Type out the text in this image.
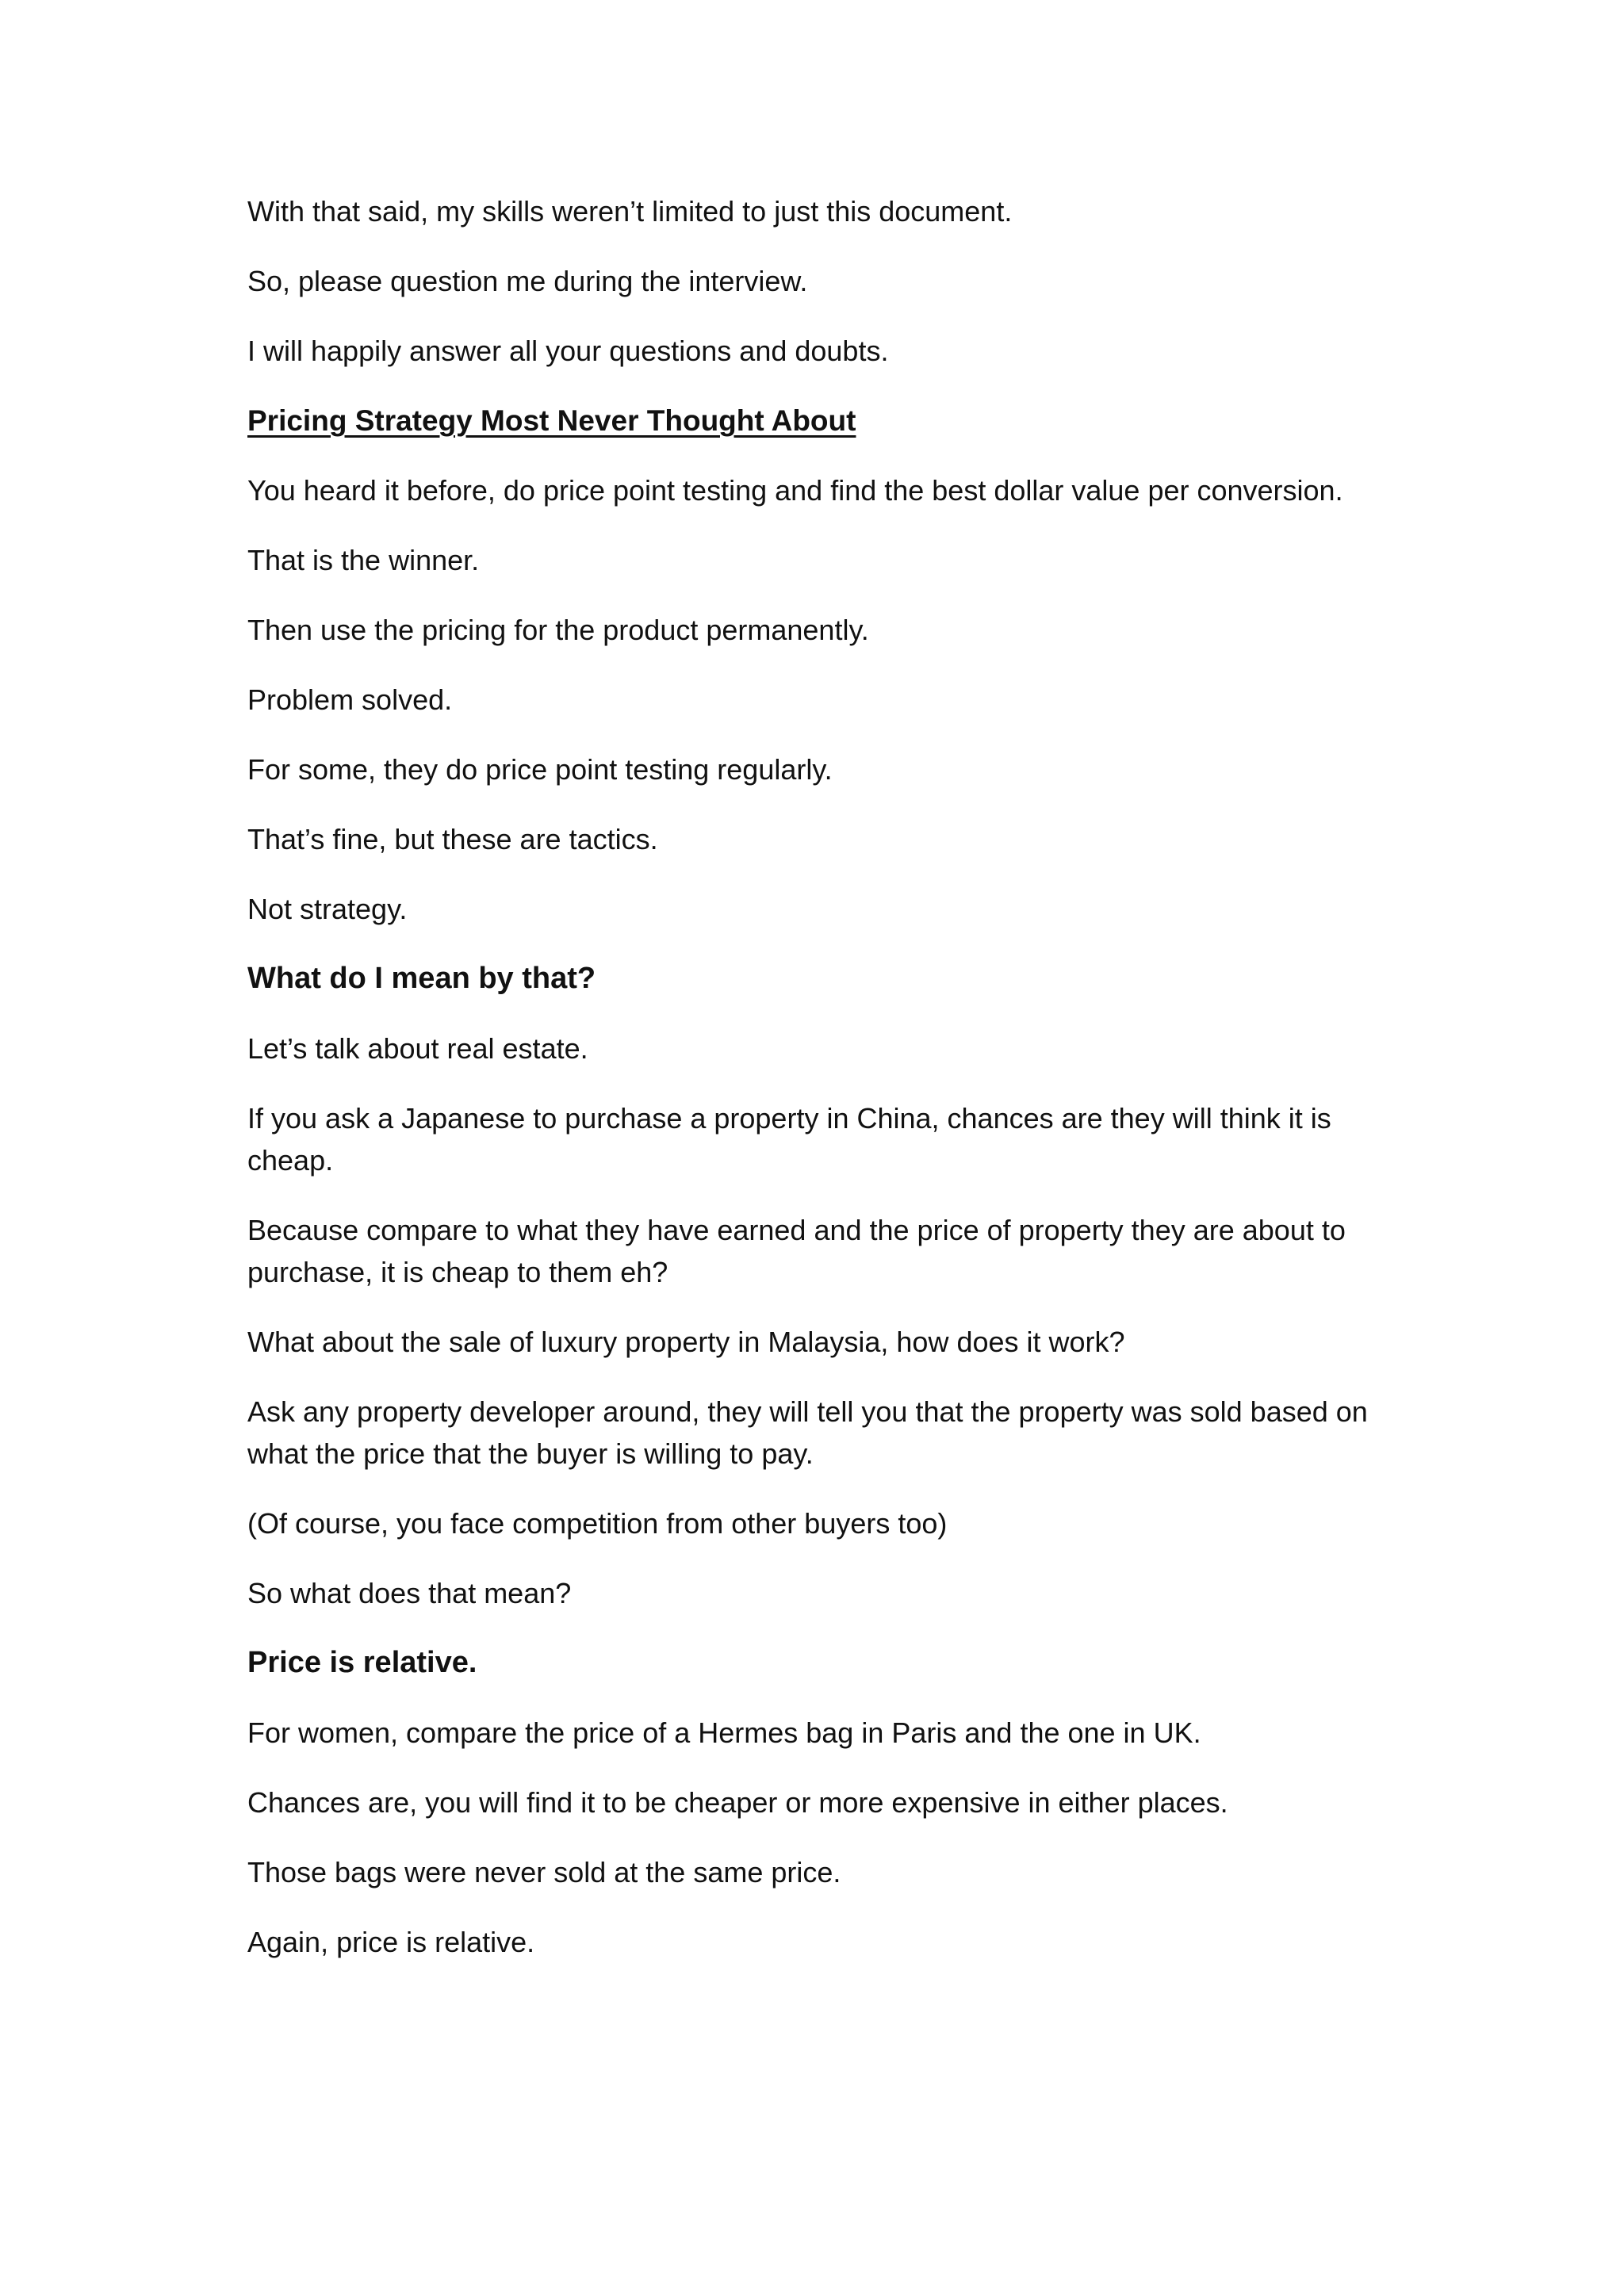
With that said, my skills weren’t limited to just this document.

So, please question me during the interview.

I will happily answer all your questions and doubts.

Pricing Strategy Most Never Thought About

You heard it before, do price point testing and find the best dollar value per conversion.

That is the winner.

Then use the pricing for the product permanently.

Problem solved.

For some, they do price point testing regularly.

That’s fine, but these are tactics.

Not strategy.

What do I mean by that?

Let’s talk about real estate.

If you ask a Japanese to purchase a property in China, chances are they will think it is cheap.

Because compare to what they have earned and the price of property they are about to purchase, it is cheap to them eh?

What about the sale of luxury property in Malaysia, how does it work?

Ask any property developer around, they will tell you that the property was sold based on what the price that the buyer is willing to pay.

(Of course, you face competition from other buyers too)

So what does that mean?

Price is relative.

For women, compare the price of a Hermes bag in Paris and the one in UK.

Chances are, you will find it to be cheaper or more expensive in either places.

Those bags were never sold at the same price.

Again, price is relative.
